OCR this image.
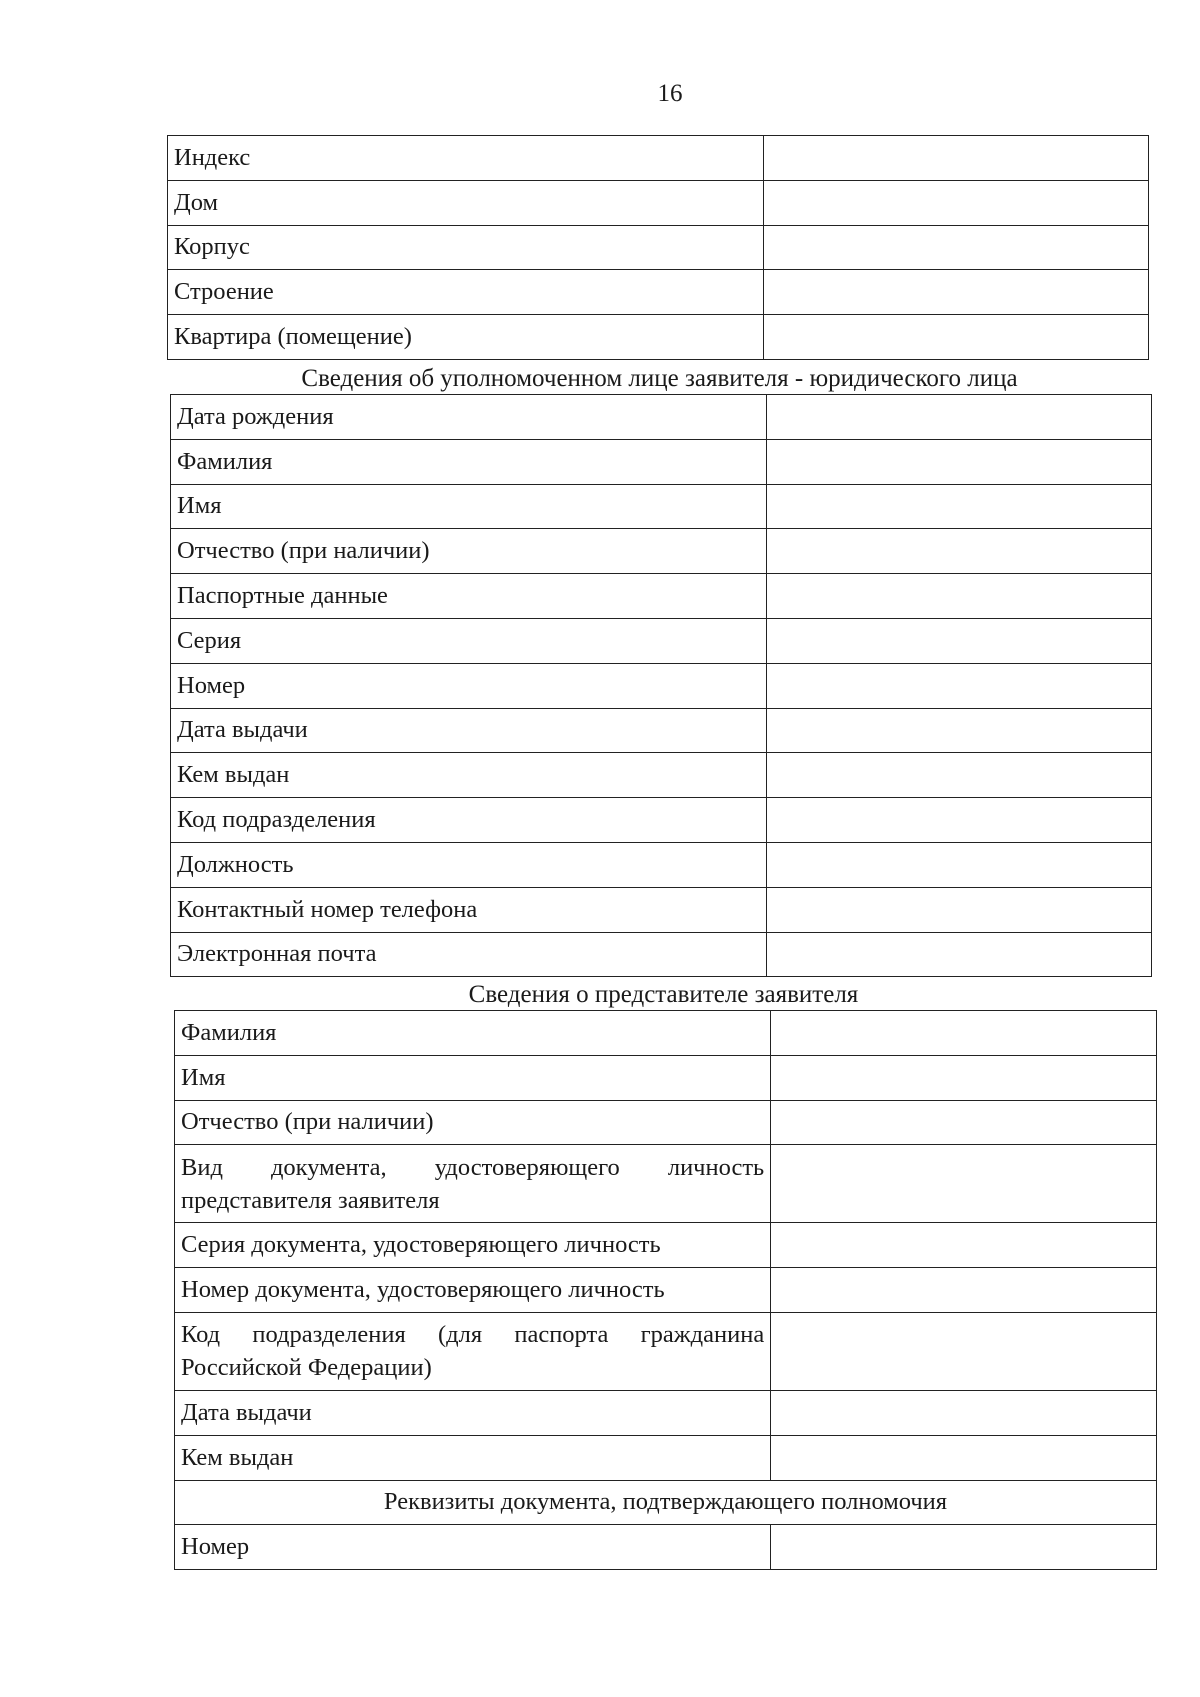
16
Индекс	
Дом	
Корпус	
Строение	
Квартира (помещение)	
Сведения об уполномоченном лице заявителя - юридического лица
Дата рождения	
Фамилия	
Имя	
Отчество (при наличии)	
Паспортные данные	
Серия	
Номер	
Дата выдачи	
Кем выдан	
Код подразделения	
Должность	
Контактный номер телефона	
Электронная почта	
Сведения о представителе заявителя
Фамилия	
Имя	
Отчество (при наличии)	
Вид документа, удостоверяющего личность представителя заявителя	
Серия документа, удостоверяющего личность	
Номер документа, удостоверяющего личность	
Код подразделения (для паспорта гражданина Российской Федерации)	
Дата выдачи	
Кем выдан	
Реквизиты документа, подтверждающего полномочия	
Номер	
